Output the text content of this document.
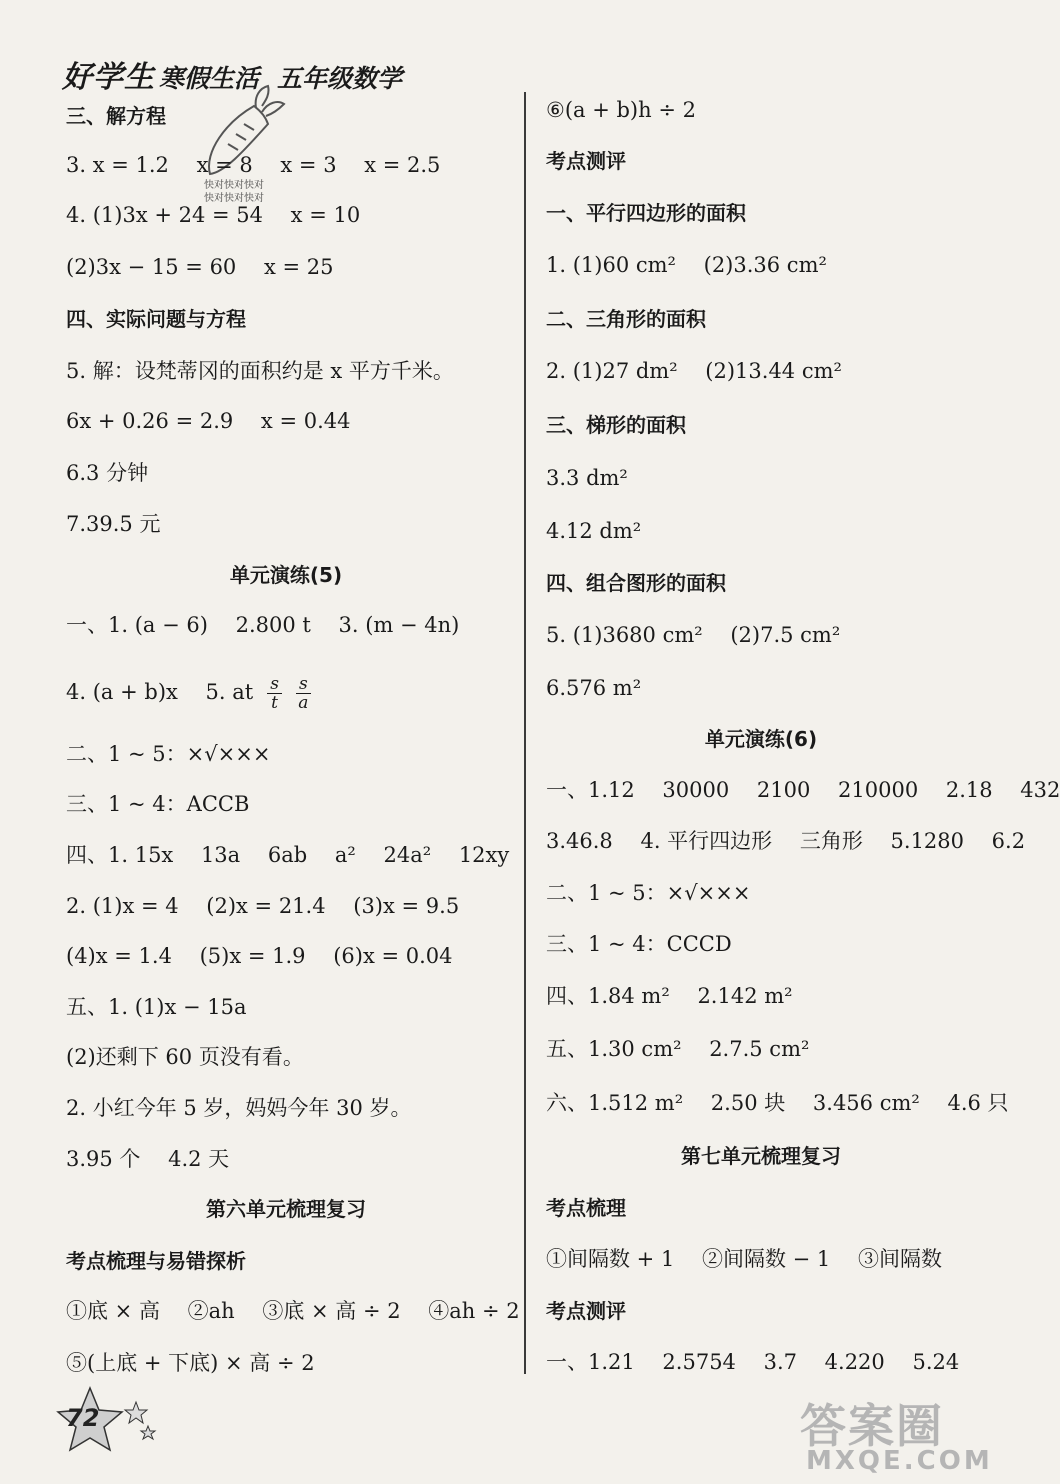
好学生 寒假生活 五年级数学
快对快对快对
快对快对快对
三、解方程
3. x = 1.2　 x = 8　 x = 3　 x = 2.5
4. (1)3x + 24 = 54　 x = 10
(2)3x − 15 = 60　 x = 25
四、实际问题与方程
5. 解：设梵蒂冈的面积约是 x 平方千米。
6x + 0.26 = 2.9　 x = 0.44
6.3 分钟
7.39.5 元
单元演练(5)
一、1. (a − 6)　 2.800 t　 3. (m − 4n)
4. (a + b)x　 5. at $\frac{s}{t} \frac{s}{a}$
二、1 ~ 5：×√×××
三、1 ~ 4：ACCB
四、1. 15x　 13a　 6ab　 a²　 24a²　 12xy
2. (1)x = 4　 (2)x = 21.4　 (3)x = 9.5
(4)x = 1.4　 (5)x = 1.9　 (6)x = 0.04
五、1. (1)x − 15a
(2)还剩下 60 页没有看。
2. 小红今年 5 岁，妈妈今年 30 岁。
3.95 个　 4.2 天
第六单元梳理复习
考点梳理与易错探析
①底 × 高　 ②ah　 ③底 × 高 ÷ 2　 ④ah ÷ 2
⑤(上底 + 下底) × 高 ÷ 2
⑥(a + b)h ÷ 2
考点测评
一、平行四边形的面积
1. (1)60 cm²　 (2)3.36 cm²
二、三角形的面积
2. (1)27 dm²　 (2)13.44 cm²
三、梯形的面积
3.3 dm²
4.12 dm²
四、组合图形的面积
5. (1)3680 cm²　 (2)7.5 cm²
6.576 m²
单元演练(6)
一、1.12　 30000　 2100　 210000　 2.18　 432
3.46.8　 4. 平行四边形　 三角形　 5.1280　 6.2
二、1 ~ 5：×√×××
三、1 ~ 4：CCCD
四、1.84 m²　 2.142 m²
五、1.30 cm²　 2.7.5 cm²
六、1.512 m²　 2.50 块　 3.456 cm²　 4.6 只
第七单元梳理复习
考点梳理
①间隔数 + 1　 ②间隔数 − 1　 ③间隔数
考点测评
一、1.21　 2.5754　 3.7　 4.220　 5.24
72	答案圈
MXQE.COM
